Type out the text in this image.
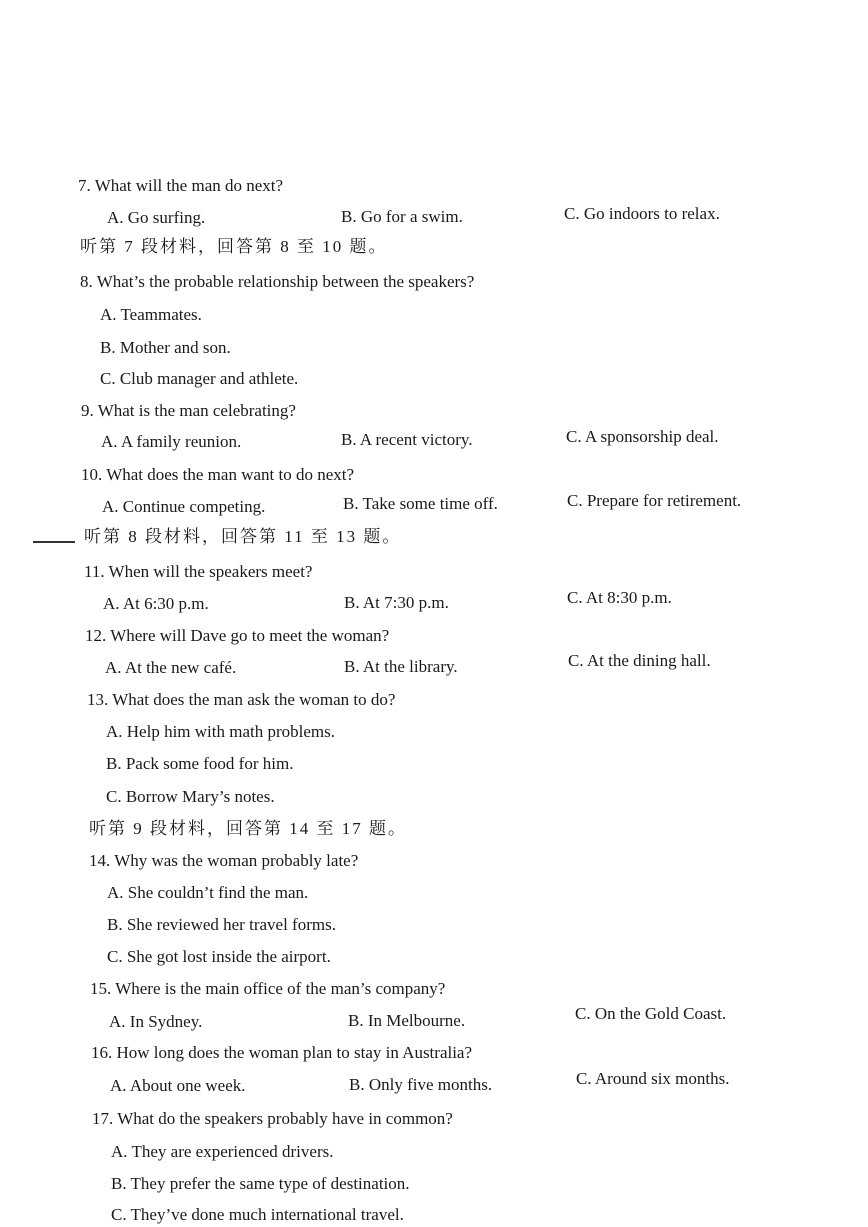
7. What will the man do next?
A. Go surfing.	B. Go for a swim.	C. Go indoors to relax.
听第 7 段材料，回答第 8 至 10 题。
8. What’s the probable relationship between the speakers?
A. Teammates.
B. Mother and son.
C. Club manager and athlete.
9. What is the man celebrating?
A. A family reunion.	B. A recent victory.	C. A sponsorship deal.
10. What does the man want to do next?
A. Continue competing.	B. Take some time off.	C. Prepare for retirement.
听第 8 段材料，回答第 11 至 13 题。
11. When will the speakers meet?
A. At 6:30 p.m.	B. At 7:30 p.m.	C. At 8:30 p.m.
12. Where will Dave go to meet the woman?
A. At the new café.	B. At the library.	C. At the dining hall.
13. What does the man ask the woman to do?
A. Help him with math problems.
B. Pack some food for him.
C. Borrow Mary’s notes.
听第 9 段材料，回答第 14 至 17 题。
14. Why was the woman probably late?
A. She couldn’t find the man.
B. She reviewed her travel forms.
C. She got lost inside the airport.
15. Where is the main office of the man’s company?
A. In Sydney.	B. In Melbourne.	C. On the Gold Coast.
16. How long does the woman plan to stay in Australia?
A. About one week.	B. Only five months.	C. Around six months.
17. What do the speakers probably have in common?
A. They are experienced drivers.
B. They prefer the same type of destination.
C. They’ve done much international travel.
